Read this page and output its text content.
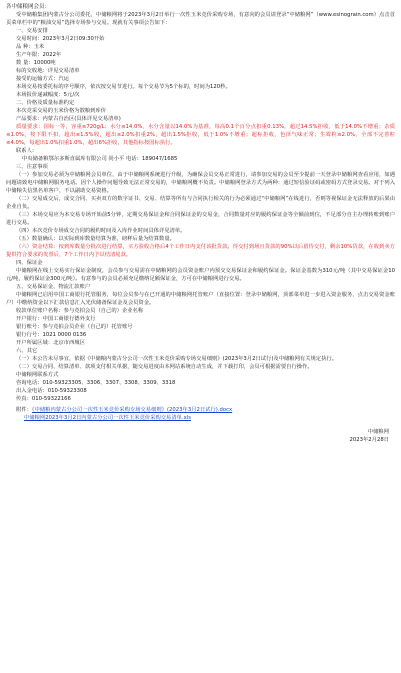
各中储粮网会员：

受中储粮集团内蒙古分公司委托，中储粮网将于2023年3月2日举行一次性玉米竞价采购专场，有意向的会员请登录“中储粮网”（www.esinograin.com）点击首页菜单栏中的“粮油交易”选择专场参与交易。现就有关事项公告如下：

一、交易安排

交易时间：2023年3月2日09:30开始

品 种：玉米

生产年限：2022年

数 量：10000吨

标的交收地：详见交易清单

接受的运输方式：汽运

本场交易按委托标的序号顺序，依次按交易节进行。每个交易节为5个标的，时间为120秒。

本场报价递减幅度：5元/次

二、价格及质量标准约定

本次竞采交易的玉米价格为散粮到库价

产品要求：内蒙古自治区(具体详见交易清单)

质量要求：国标一等，容重≥720g/L；水分≤14.0%，水分含量以14.0%为基准，每高0.1个百分点扣重0.13%，超过14.5%拒收，低于14.0%不增重；杂质≤1.0%，按下限不扣，超出≤1.5%收，超出≤2.0%扣重2%，超出1.5%拒收，低于1.0%不增重；超标拒收，色泽气味正常；生霉粒≤2.0%，全部不完善粒≤4.0%，每超出1.0%扣重1.0%，超出6%拒收，其他指标按国标执行。

联系人：

中央储备粮鄂尔多斯直属库有限公司 尚小平 电话：189047/1685

三、注意事项

（一）参加交易必须为中储粮网会员单位，由于中储粮网系统进行升级，为确保会员交易正常进行，请参加交易的会员至少提前一天登录中储粮网查看应用，如遇问题请致电中储粮网服务电话。因个人操作问题导致无法正常交易的，中储粮网概不负责。中储粮网登录方式为两种：通过短信验证码或密码方式登录交易。对于列入中储粮失信黑名单客户，不以副助交易资格。

（二）交易成交后，成交合同、买卖双方的数字证书、交易、结算等所有与合同执行相关的行为必须通过“中储粮网”在线进行，否则等视保证金无法释放的后果由企业自负。

（三）本场交易应为本交易专场开始前5分钟，定期交易保证金和合同保证金的交易金，合同数量对应的履约保证金等全额前到位，不足部分自主办理转账到账户进行交易。

（四）本次竞价专场成交合同的履约时间及入库作业时间具体详见清单。

（五）数量确认：以实际到库数量结算为准，磅秤后量为结算数量。

（六）资金结算：按到库数量分批次进行结算，买方验收合格后4个工作日内支付该批货款。待交付到场且货款的90%以后留待交付，剩余10%货款，在收到卖方提供符合要求的发票后，7个工作日内予以结清尾款。

四、保证金

中储粮网在线上交易实行保证金制度，会员参与交易需在中储粮网的会员资金账户内预交交易保证金和履约保证金。保证金基数为310元/吨（其中交易保证金10元/吨，履约保证金300元/吨）。有意参与的会员必须充足缴纳足额保证金，方可在中储粮网进行交易。

五、交易保证金、物流汇款账户

中储粮网已启用中国工商银行托管服务，每位会员参与在已开通的中储粮网托管账户（直接位置：登录中储粮网，顶部菜单进一步进入资金服务，点击交易资金账户）中缴纳资金以下汇款信息汇入光伏储备保证金及会员资金。

收款单位账户名称：参与竞拍会员（自己的）企业名称

开户银行：中国工商银行德外支行

银行账号：参与竞拍会员企业（自己的）托管账号

银行行号：1021 0000 0136

开户所属区域：北京市西城区

六、其它

（一）本公告未尽事宜，依据《中储粮内蒙古分公司一次性玉米竞价采购专场交易细则》(2023年3月2日试行)及中储粮网有关规定执行。

（二）交易合同、结算清单、款项支付相关单据，随交易进度由本网站系统自动生成，并下载打印，会员可根据需要自行操作。

中储粮网联系方式

咨询电话：010-59323305、3306、3307、3308、3309、3318

出入金电话：010-59323308

传真：010-59322166

附件：《中储粮内蒙古分公司一次性玉米竞价采购专场交易细则》(2023年3月2日试行).docx

中储粮网2023年3月2日内蒙古分公司一次性玉米竞价采购交易清单.xls

中储粮网

2023年2月28日
